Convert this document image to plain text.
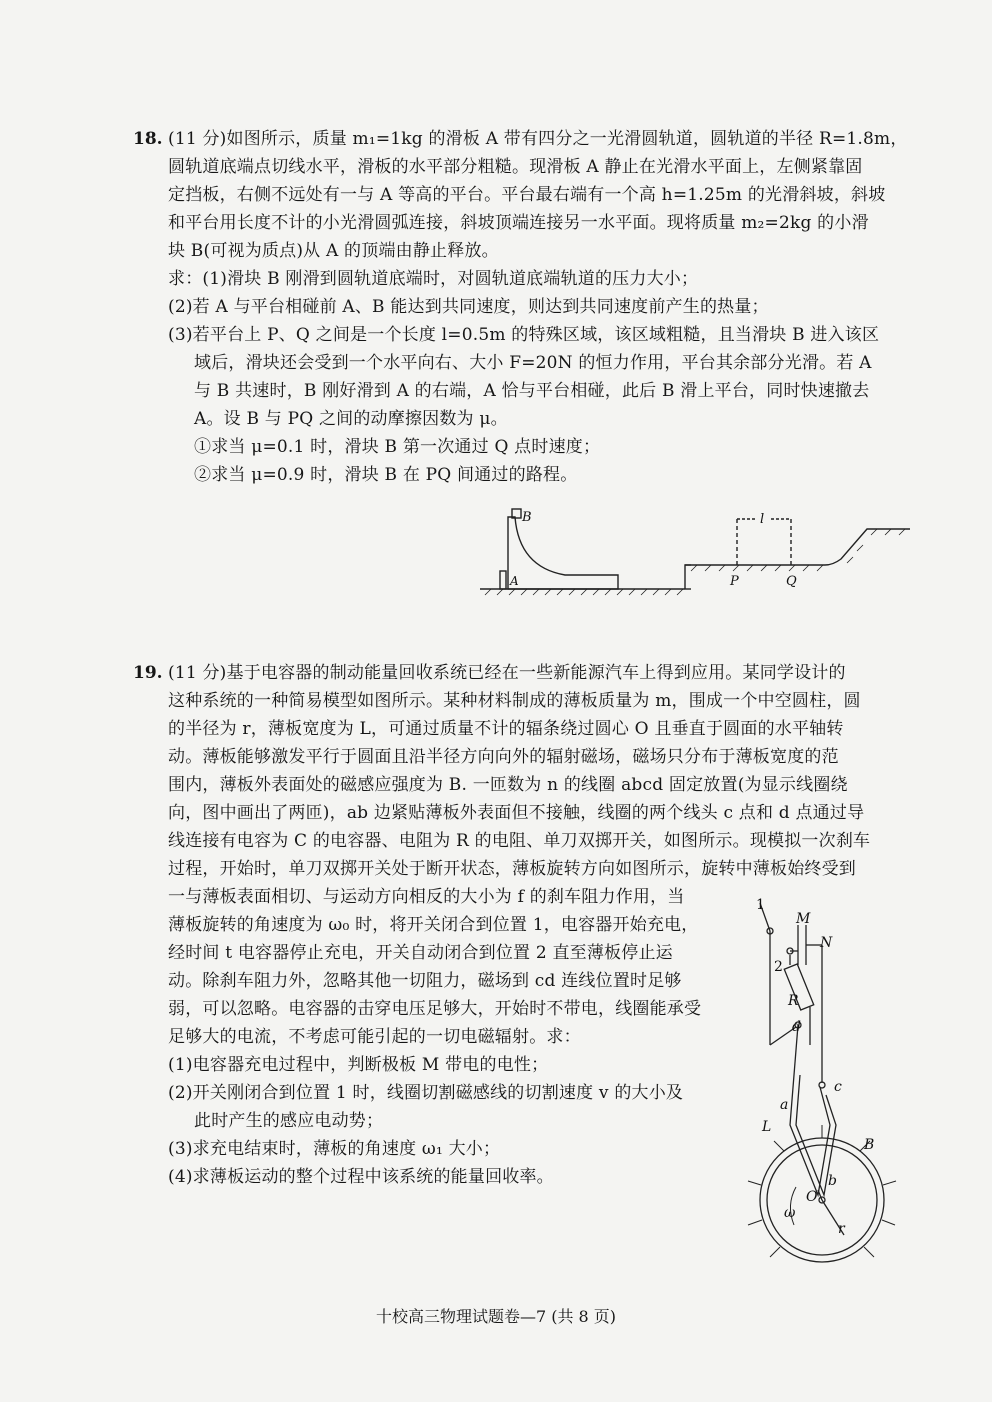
18. (11 分)如图所示，质量 m₁=1kg 的滑板 A 带有四分之一光滑圆轨道，圆轨道的半径 R=1.8m，
圆轨道底端点切线水平，滑板的水平部分粗糙。现滑板 A 静止在光滑水平面上，左侧紧靠固
定挡板，右侧不远处有一与 A 等高的平台。平台最右端有一个高 h=1.25m 的光滑斜坡，斜坡
和平台用长度不计的小光滑圆弧连接，斜坡顶端连接另一水平面。现将质量 m₂=2kg 的小滑
块 B(可视为质点)从 A 的顶端由静止释放。
求：(1)滑块 B 刚滑到圆轨道底端时，对圆轨道底端轨道的压力大小；
(2)若 A 与平台相碰前 A、B 能达到共同速度，则达到共同速度前产生的热量；
(3)若平台上 P、Q 之间是一个长度 l=0.5m 的特殊区域，该区域粗糙，且当滑块 B 进入该区
域后，滑块还会受到一个水平向右、大小 F=20N 的恒力作用，平台其余部分光滑。若 A
与 B 共速时，B 刚好滑到 A 的右端，A 恰与平台相碰，此后 B 滑上平台，同时快速撤去
A。设 B 与 PQ 之间的动摩擦因数为 μ。
①求当 μ=0.1 时，滑块 B 第一次通过 Q 点时速度；
②求当 μ=0.9 时，滑块 B 在 PQ 间通过的路程。
B
A
l
P	Q
19. (11 分)基于电容器的制动能量回收系统已经在一些新能源汽车上得到应用。某同学设计的
这种系统的一种简易模型如图所示。某种材料制成的薄板质量为 m，围成一个中空圆柱，圆
的半径为 r，薄板宽度为 L，可通过质量不计的辐条绕过圆心 O 且垂直于圆面的水平轴转
动。薄板能够激发平行于圆面且沿半径方向向外的辐射磁场，磁场只分布于薄板宽度的范
围内，薄板外表面处的磁感应强度为 B. 一匝数为 n 的线圈 abcd 固定放置(为显示线圈绕
向，图中画出了两匝)，ab 边紧贴薄板外表面但不接触，线圈的两个线头 c 点和 d 点通过导
线连接有电容为 C 的电容器、电阻为 R 的电阻、单刀双掷开关，如图所示。现模拟一次刹车
过程，开始时，单刀双掷开关处于断开状态，薄板旋转方向如图所示，旋转中薄板始终受到
一与薄板表面相切、与运动方向相反的大小为 f 的刹车阻力作用，当
薄板旋转的角速度为 ω₀ 时，将开关闭合到位置 1，电容器开始充电，
经时间 t 电容器停止充电，开关自动闭合到位置 2 直至薄板停止运
动。除刹车阻力外，忽略其他一切阻力，磁场到 cd 连线位置时足够
弱，可以忽略。电容器的击穿电压足够大，开始时不带电，线圈能承受
足够大的电流，不考虑可能引起的一切电磁辐射。求：
(1)电容器充电过程中，判断极板 M 带电的电性；
(2)开关刚闭合到位置 1 时，线圈切割磁感线的切割速度 v 的大小及
此时产生的感应电动势；
(3)求充电结束时，薄板的角速度 ω₁ 大小；
(4)求薄板运动的整个过程中该系统的能量回收率。
1
M
N
2
R
d
c
a
L
B
b
O
ω
r
十校高三物理试题卷—7 (共 8 页)
